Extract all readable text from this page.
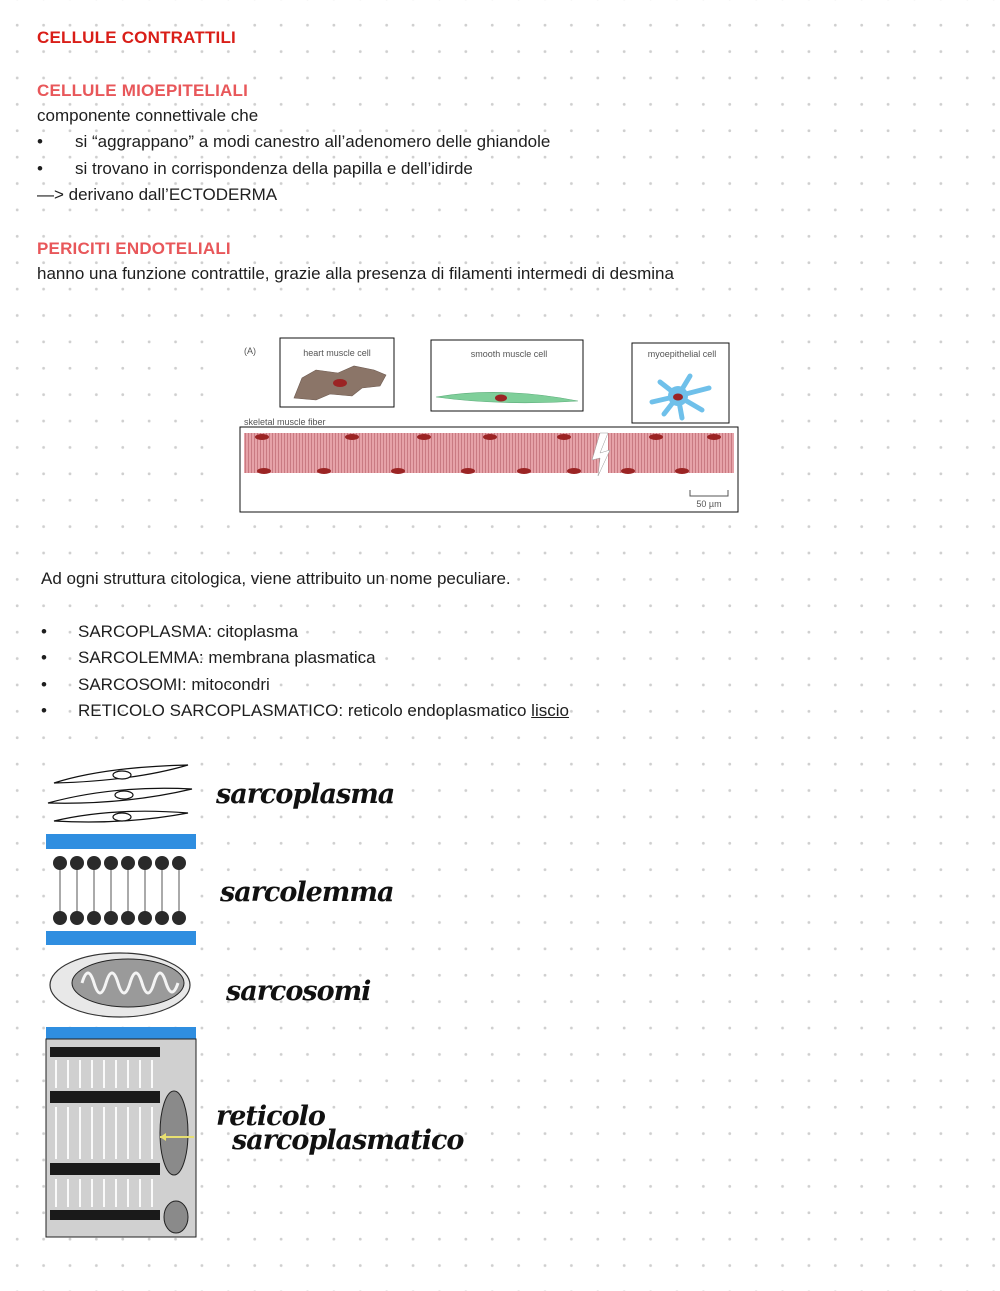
CELLULE CONTRATTILI
CELLULE MIOEPITELIALI
componente connettivale che
• si “aggrappano” a modi canestro all’adenomero delle ghiandole
• si trovano in corrispondenza della papilla e dell’idirde
—> derivano dall’ECTODERMA
PERICITI ENDOTELIALI
hanno una funzione contrattile, grazie alla presenza di filamenti intermedi di desmina
(A)	heart muscle cell	smooth muscle cell	myoepithelial cell
skeletal muscle fiber
50 µm
Ad ogni struttura citologica, viene attribuito un nome peculiare.
• SARCOPLASMA: citoplasma
• SARCOLEMMA: membrana plasmatica
• SARCOSOMI: mitocondri
• RETICOLO SARCOPLASMATICO: reticolo endoplasmatico liscio
sarcoplasma
sarcolemma
sarcosomi
reticolo
sarcoplasmatico
